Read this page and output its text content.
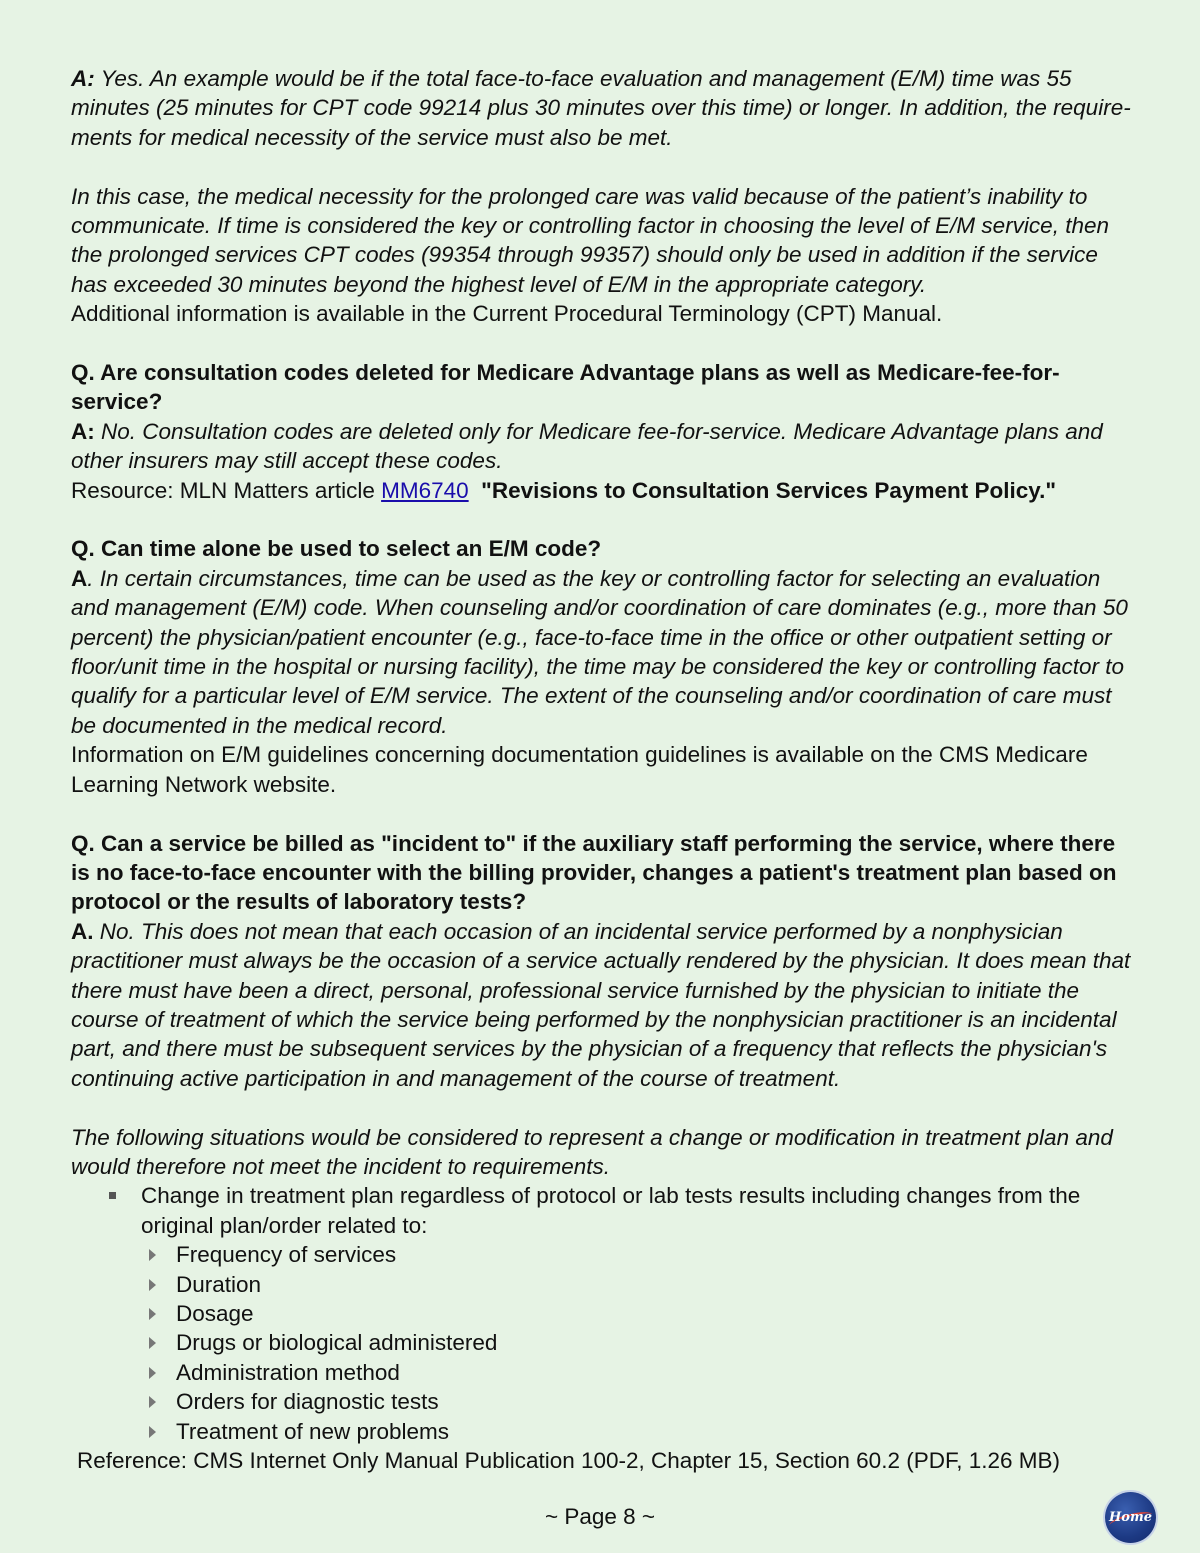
A: Yes. An example would be if the total face-to-face evaluation and management (E/M) time was 55 minutes (25 minutes for CPT code 99214 plus 30 minutes over this time) or longer. In addition, the require-ments for medical necessity of the service must also be met.

In this case, the medical necessity for the prolonged care was valid because of the patient’s inability to communicate. If time is considered the key or controlling factor in choosing the level of E/M service, then the prolonged services CPT codes (99354 through 99357) should only be used in addition if the service has exceeded 30 minutes beyond the highest level of E/M in the appropriate category.

Additional information is available in the Current Procedural Terminology (CPT) Manual.

Q. Are consultation codes deleted for Medicare Advantage plans as well as Medicare-fee-for-service?

A: No. Consultation codes are deleted only for Medicare fee-for-service. Medicare Advantage plans and other insurers may still accept these codes.

Resource: MLN Matters article MM6740 "Revisions to Consultation Services Payment Policy."

Q. Can time alone be used to select an E/M code?

A. In certain circumstances, time can be used as the key or controlling factor for selecting an evaluation and management (E/M) code. When counseling and/or coordination of care dominates (e.g., more than 50 percent) the physician/patient encounter (e.g., face-to-face time in the office or other outpatient setting or floor/unit time in the hospital or nursing facility), the time may be considered the key or controlling factor to qualify for a particular level of E/M service. The extent of the counseling and/or coordination of care must be documented in the medical record.

Information on E/M guidelines concerning documentation guidelines is available on the CMS Medicare Learning Network website.

Q. Can a service be billed as "incident to" if the auxiliary staff performing the service, where there is no face-to-face encounter with the billing provider, changes a patient's treatment plan based on protocol or the results of laboratory tests?

A. No. This does not mean that each occasion of an incidental service performed by a nonphysician practitioner must always be the occasion of a service actually rendered by the physician. It does mean that there must have been a direct, personal, professional service furnished by the physician to initiate the course of treatment of which the service being performed by the nonphysician practitioner is an incidental part, and there must be subsequent services by the physician of a frequency that reflects the physician's continuing active participation in and management of the course of treatment.

The following situations would be considered to represent a change or modification in treatment plan and would therefore not meet the incident to requirements.

Change in treatment plan regardless of protocol or lab tests results including changes from the original plan/order related to:
Frequency of services
Duration
Dosage
Drugs or biological administered
Administration method
Orders for diagnostic tests
Treatment of new problems

Reference: CMS Internet Only Manual Publication 100-2, Chapter 15, Section 60.2 (PDF, 1.26 MB)

~ Page 8 ~	Home
